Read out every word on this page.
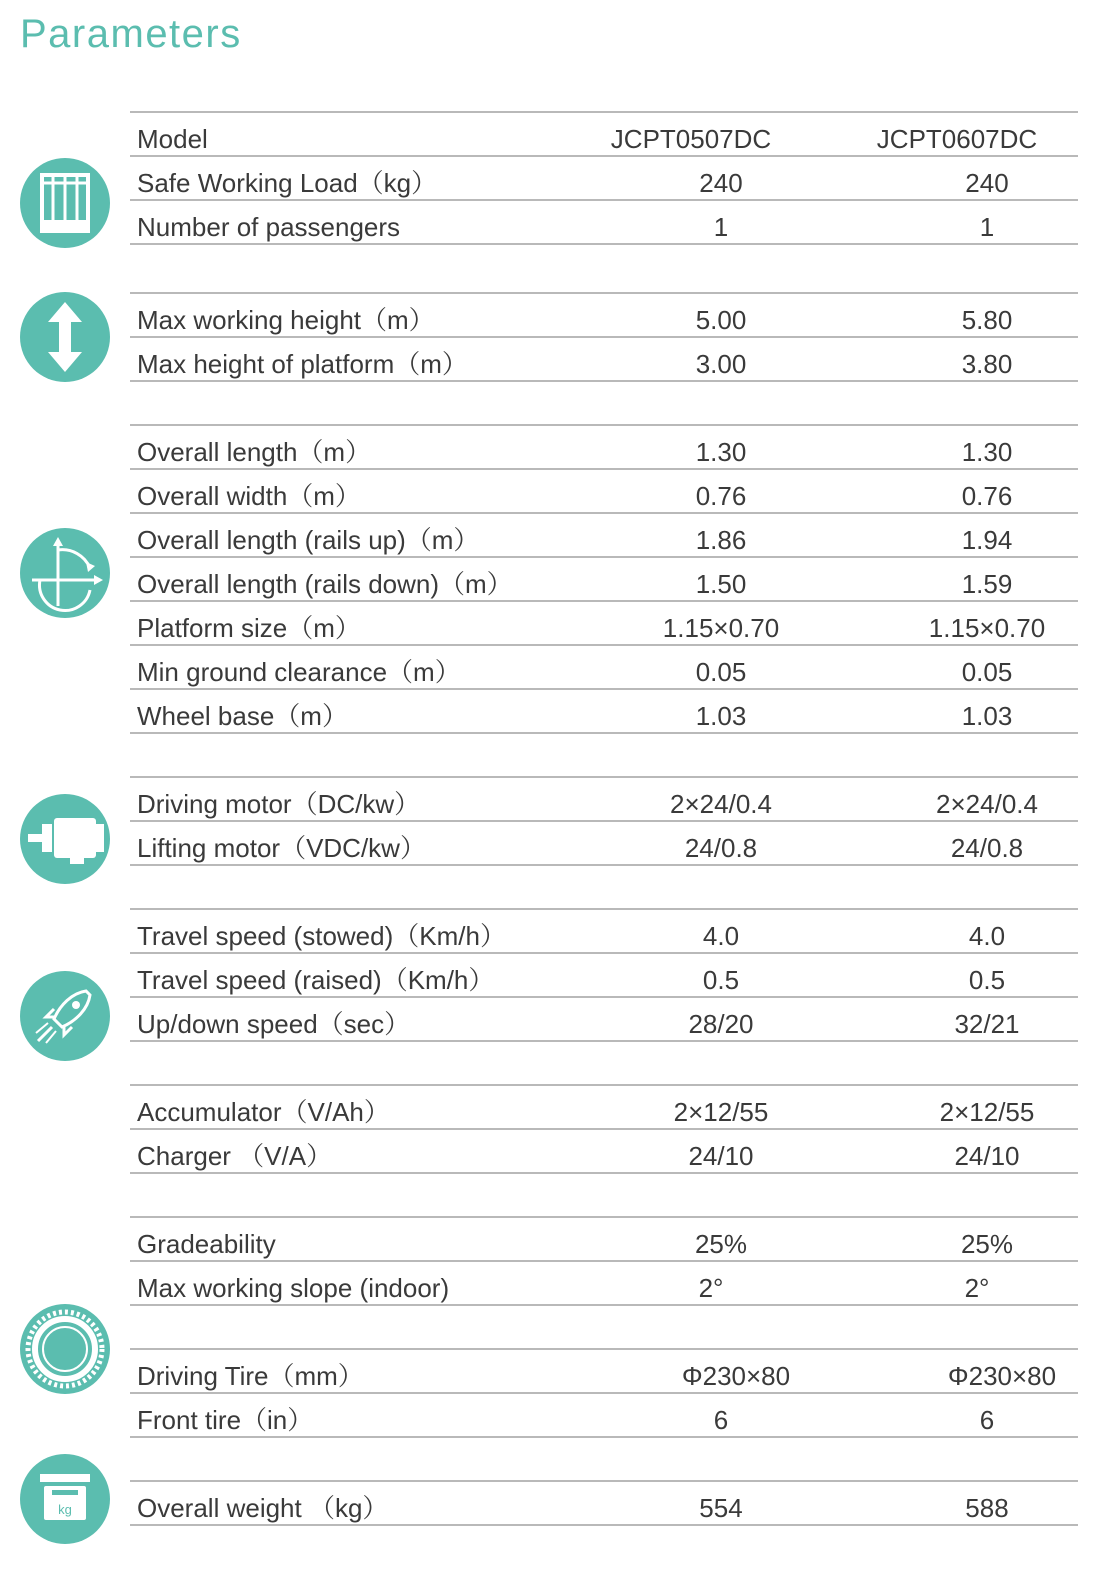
Parameters
Model	JCPT0507DC	JCPT0607DC
Safe Working Load（kg）	240	240
Number of passengers	1	1
Max working height（m）	5.00	5.80
Max height of platform（m）	3.00	3.80
Overall length（m）	1.30	1.30
Overall width（m）	0.76	0.76
Overall length (rails up)（m）	1.86	1.94
Overall length (rails down)（m）	1.50	1.59
Platform size（m）	1.15×0.70	1.15×0.70
Min ground clearance（m）	0.05	0.05
Wheel base（m）	1.03	1.03
Driving motor（DC/kw）	2×24/0.4	2×24/0.4
Lifting motor（VDC/kw）	24/0.8	24/0.8
Travel speed (stowed)（Km/h）	4.0	4.0
Travel speed (raised)（Km/h）	0.5	0.5
Up/down speed（sec）	28/20	32/21
Accumulator（V/Ah）	2×12/55	2×12/55
Charger （V/A）	24/10	24/10
Gradeability	25%	25%
Max working slope (indoor)	2°	2°
Driving Tire（mm）	Φ230×80	Φ230×80
Front tire（in）	6	6
Overall weight （kg）	554	588
kg
